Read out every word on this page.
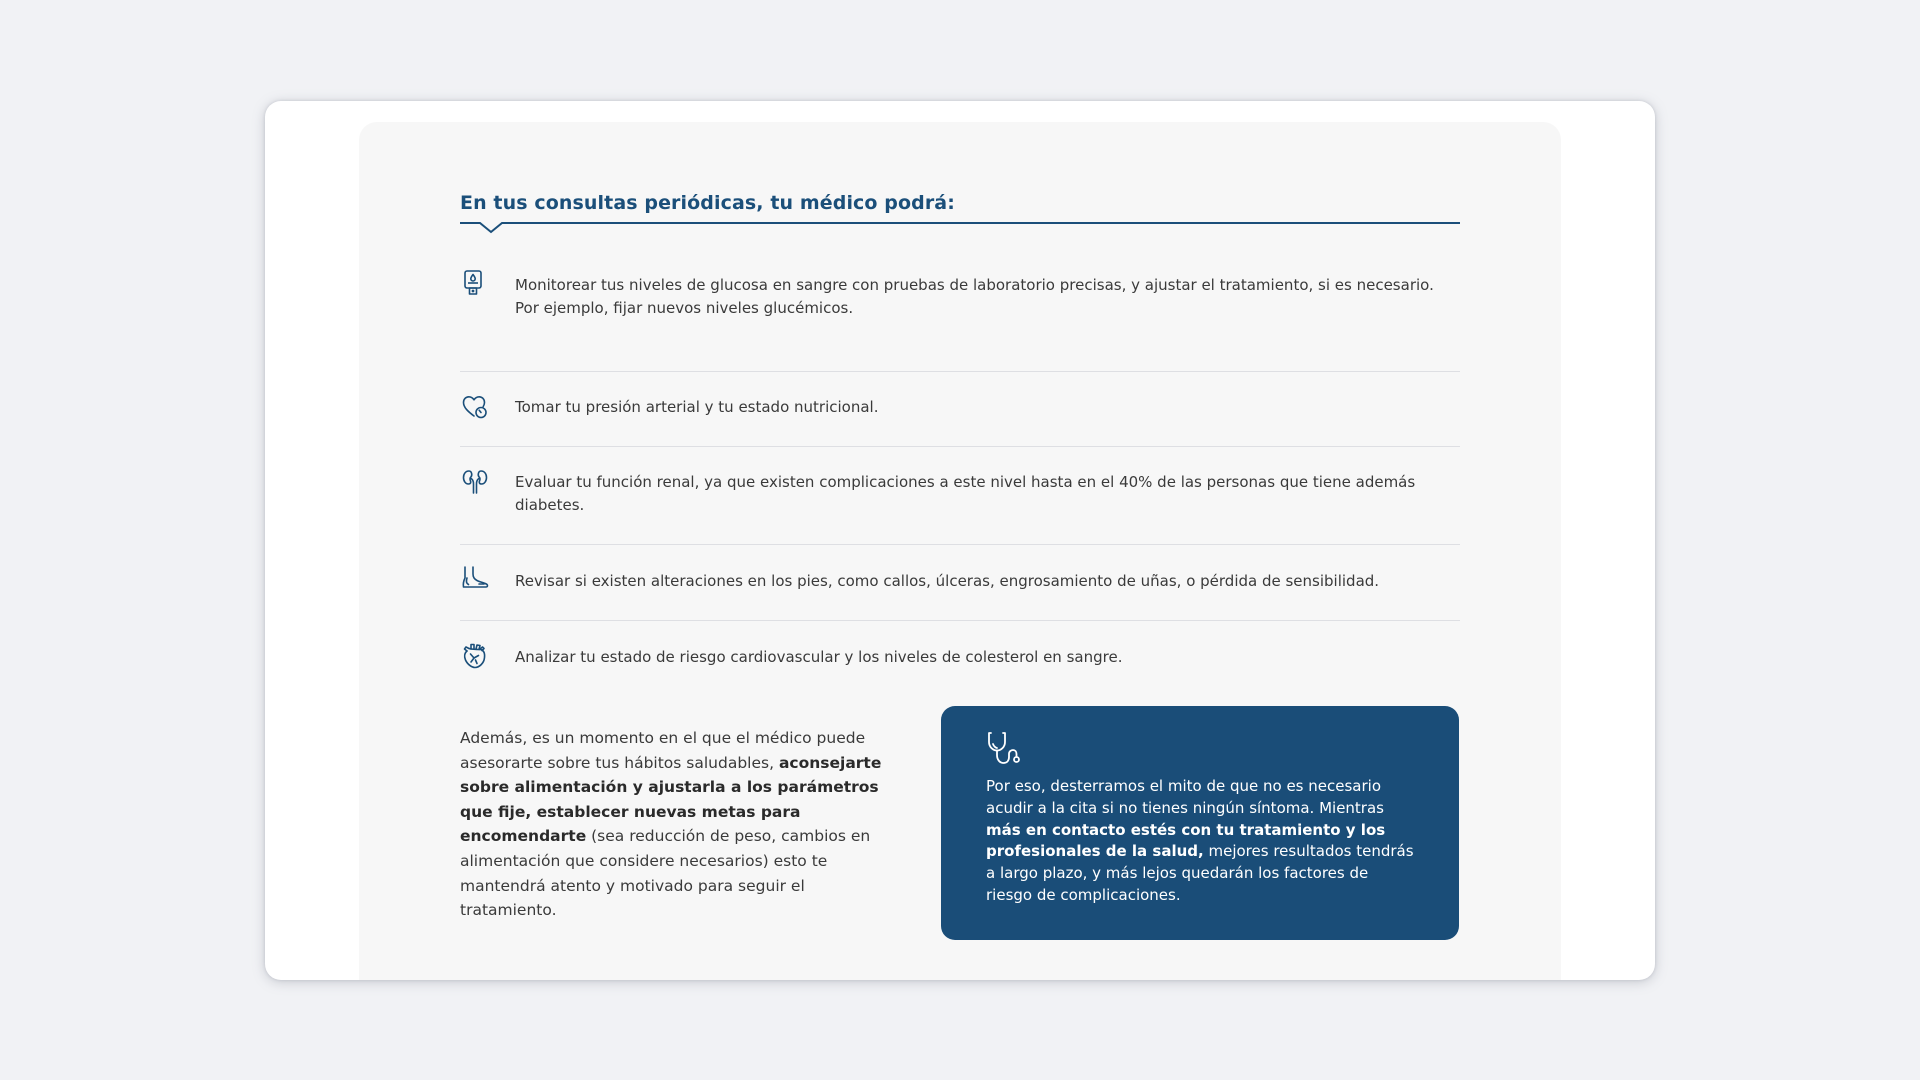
En tus consultas periódicas, tu médico podrá:
Monitorear tus niveles de glucosa en sangre con pruebas de laboratorio precisas, y ajustar el tratamiento, si es necesario. Por ejemplo, fijar nuevos niveles glucémicos.
Tomar tu presión arterial y tu estado nutricional.
Evaluar tu función renal, ya que existen complicaciones a este nivel hasta en el 40% de las personas que tiene además diabetes.
Revisar si existen alteraciones en los pies, como callos, úlceras, engrosamiento de uñas, o pérdida de sensibilidad.
Analizar tu estado de riesgo cardiovascular y los niveles de colesterol en sangre.

Además, es un momento en el que el médico puede asesorarte sobre tus hábitos saludables, aconsejarte sobre alimentación y ajustarla a los parámetros que fije, establecer nuevas metas para encomendarte (sea reducción de peso, cambios en alimentación que considere necesarios) esto te mantendrá atento y motivado para seguir el tratamiento.

Por eso, desterramos el mito de que no es necesario acudir a la cita si no tienes ningún síntoma. Mientras más en contacto estés con tu tratamiento y los profesionales de la salud, mejores resultados tendrás a largo plazo, y más lejos quedarán los factores de riesgo de complicaciones.
